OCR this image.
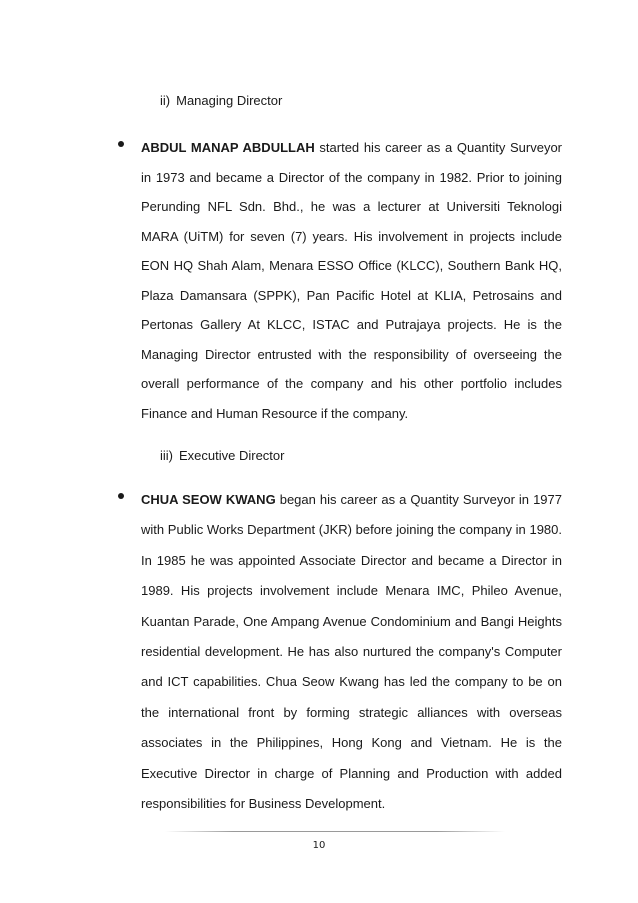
ii) Managing Director
ABDUL MANAP ABDULLAH started his career as a Quantity Surveyor
in 1973 and became a Director of the company in 1982. Prior to joining
Perunding NFL Sdn. Bhd., he was a lecturer at Universiti Teknologi
MARA (UiTM) for seven (7) years. His involvement in projects include
EON HQ Shah Alam, Menara ESSO Office (KLCC), Southern Bank HQ,
Plaza Damansara (SPPK), Pan Pacific Hotel at KLIA, Petrosains and
Pertonas Gallery At KLCC, ISTAC and Putrajaya projects. He is the
Managing Director entrusted with the responsibility of overseeing the
overall performance of the company and his other portfolio includes
Finance and Human Resource if the company.
iii) Executive Director
CHUA SEOW KWANG began his career as a Quantity Surveyor in 1977
with Public Works Department (JKR) before joining the company in 1980.
In 1985 he was appointed Associate Director and became a Director in
1989. His projects involvement include Menara IMC, Phileo Avenue,
Kuantan Parade, One Ampang Avenue Condominium and Bangi Heights
residential development. He has also nurtured the company's Computer
and ICT capabilities. Chua Seow Kwang has led the company to be on
the international front by forming strategic alliances with overseas
associates in the Philippines, Hong Kong and Vietnam. He is the
Executive Director in charge of Planning and Production with added
responsibilities for Business Development.
10
